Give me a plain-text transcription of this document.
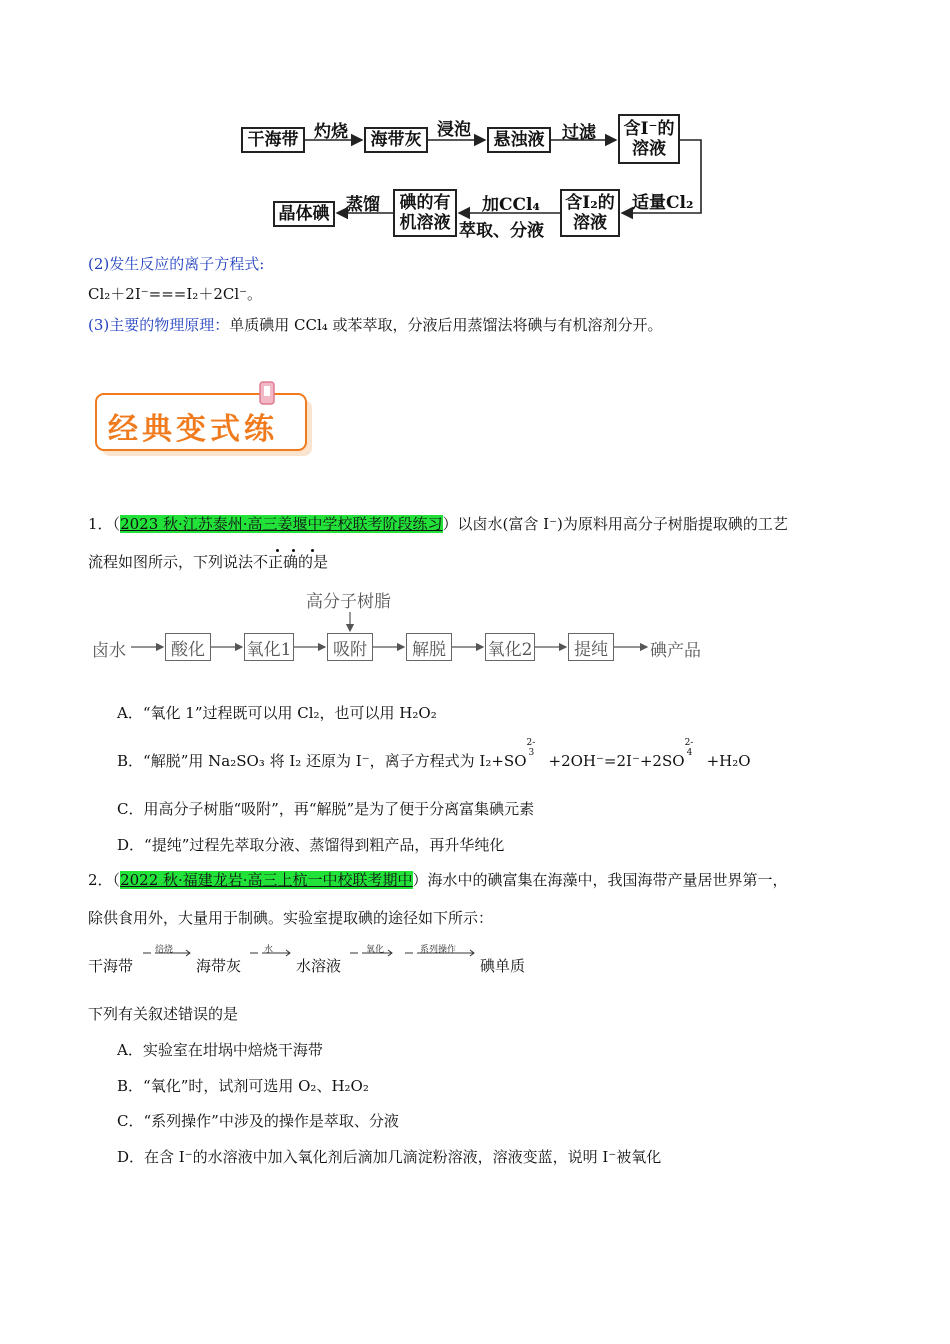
干海带	海带灰	悬浊液
含I⁻的
溶液
含I₂的
溶液
碘的有
机溶液
晶体碘
灼烧	浸泡	过滤
适量Cl₂
加CCl₄
萃取、分液
蒸馏
(2)发生反应的离子方程式:
Cl₂＋2I⁻===I₂＋2Cl⁻。
(3)主要的物理原理：单质碘用 CCl₄ 或苯萃取，分液后用蒸馏法将碘与有机溶剂分开。
经典变式练
1．（2023 秋·江苏泰州·高三姜堰中学校联考阶段练习）以卤水(富含 I⁻)为原料用高分子树脂提取碘的工艺
流程如图所示，下列说法不正确的是
高分子树脂
卤水	酸化	氧化1	吸附	解脱	氧化2	提纯	碘产品
A．“氧化 1”过程既可以用 Cl₂，也可以用 H₂O₂
B．“解脱”用 Na₂SO₃ 将 I₂ 还原为 I⁻，离子方程式为 I₂+SO
2-
3 +2OH⁻=2I⁻+2SO
2-
4 +H₂O
C．用高分子树脂“吸附”，再“解脱”是为了便于分离富集碘元素
D．“提纯”过程先萃取分液、蒸馏得到粗产品，再升华纯化
2．（2022 秋·福建龙岩·高三上杭一中校联考期中）海水中的碘富集在海藻中，我国海带产量居世界第一，
除供食用外，大量用于制碘。实验室提取碘的途径如下所示：
干海带	海带灰	水溶液	碘单质
焙烧	水	氧化	系列操作
下列有关叙述错误的是
A．实验室在坩埚中焙烧干海带
B．“氧化”时，试剂可选用 O₂、H₂O₂
C．“系列操作”中涉及的操作是萃取、分液
D．在含 I⁻的水溶液中加入氧化剂后滴加几滴淀粉溶液，溶液变蓝，说明 I⁻被氧化
